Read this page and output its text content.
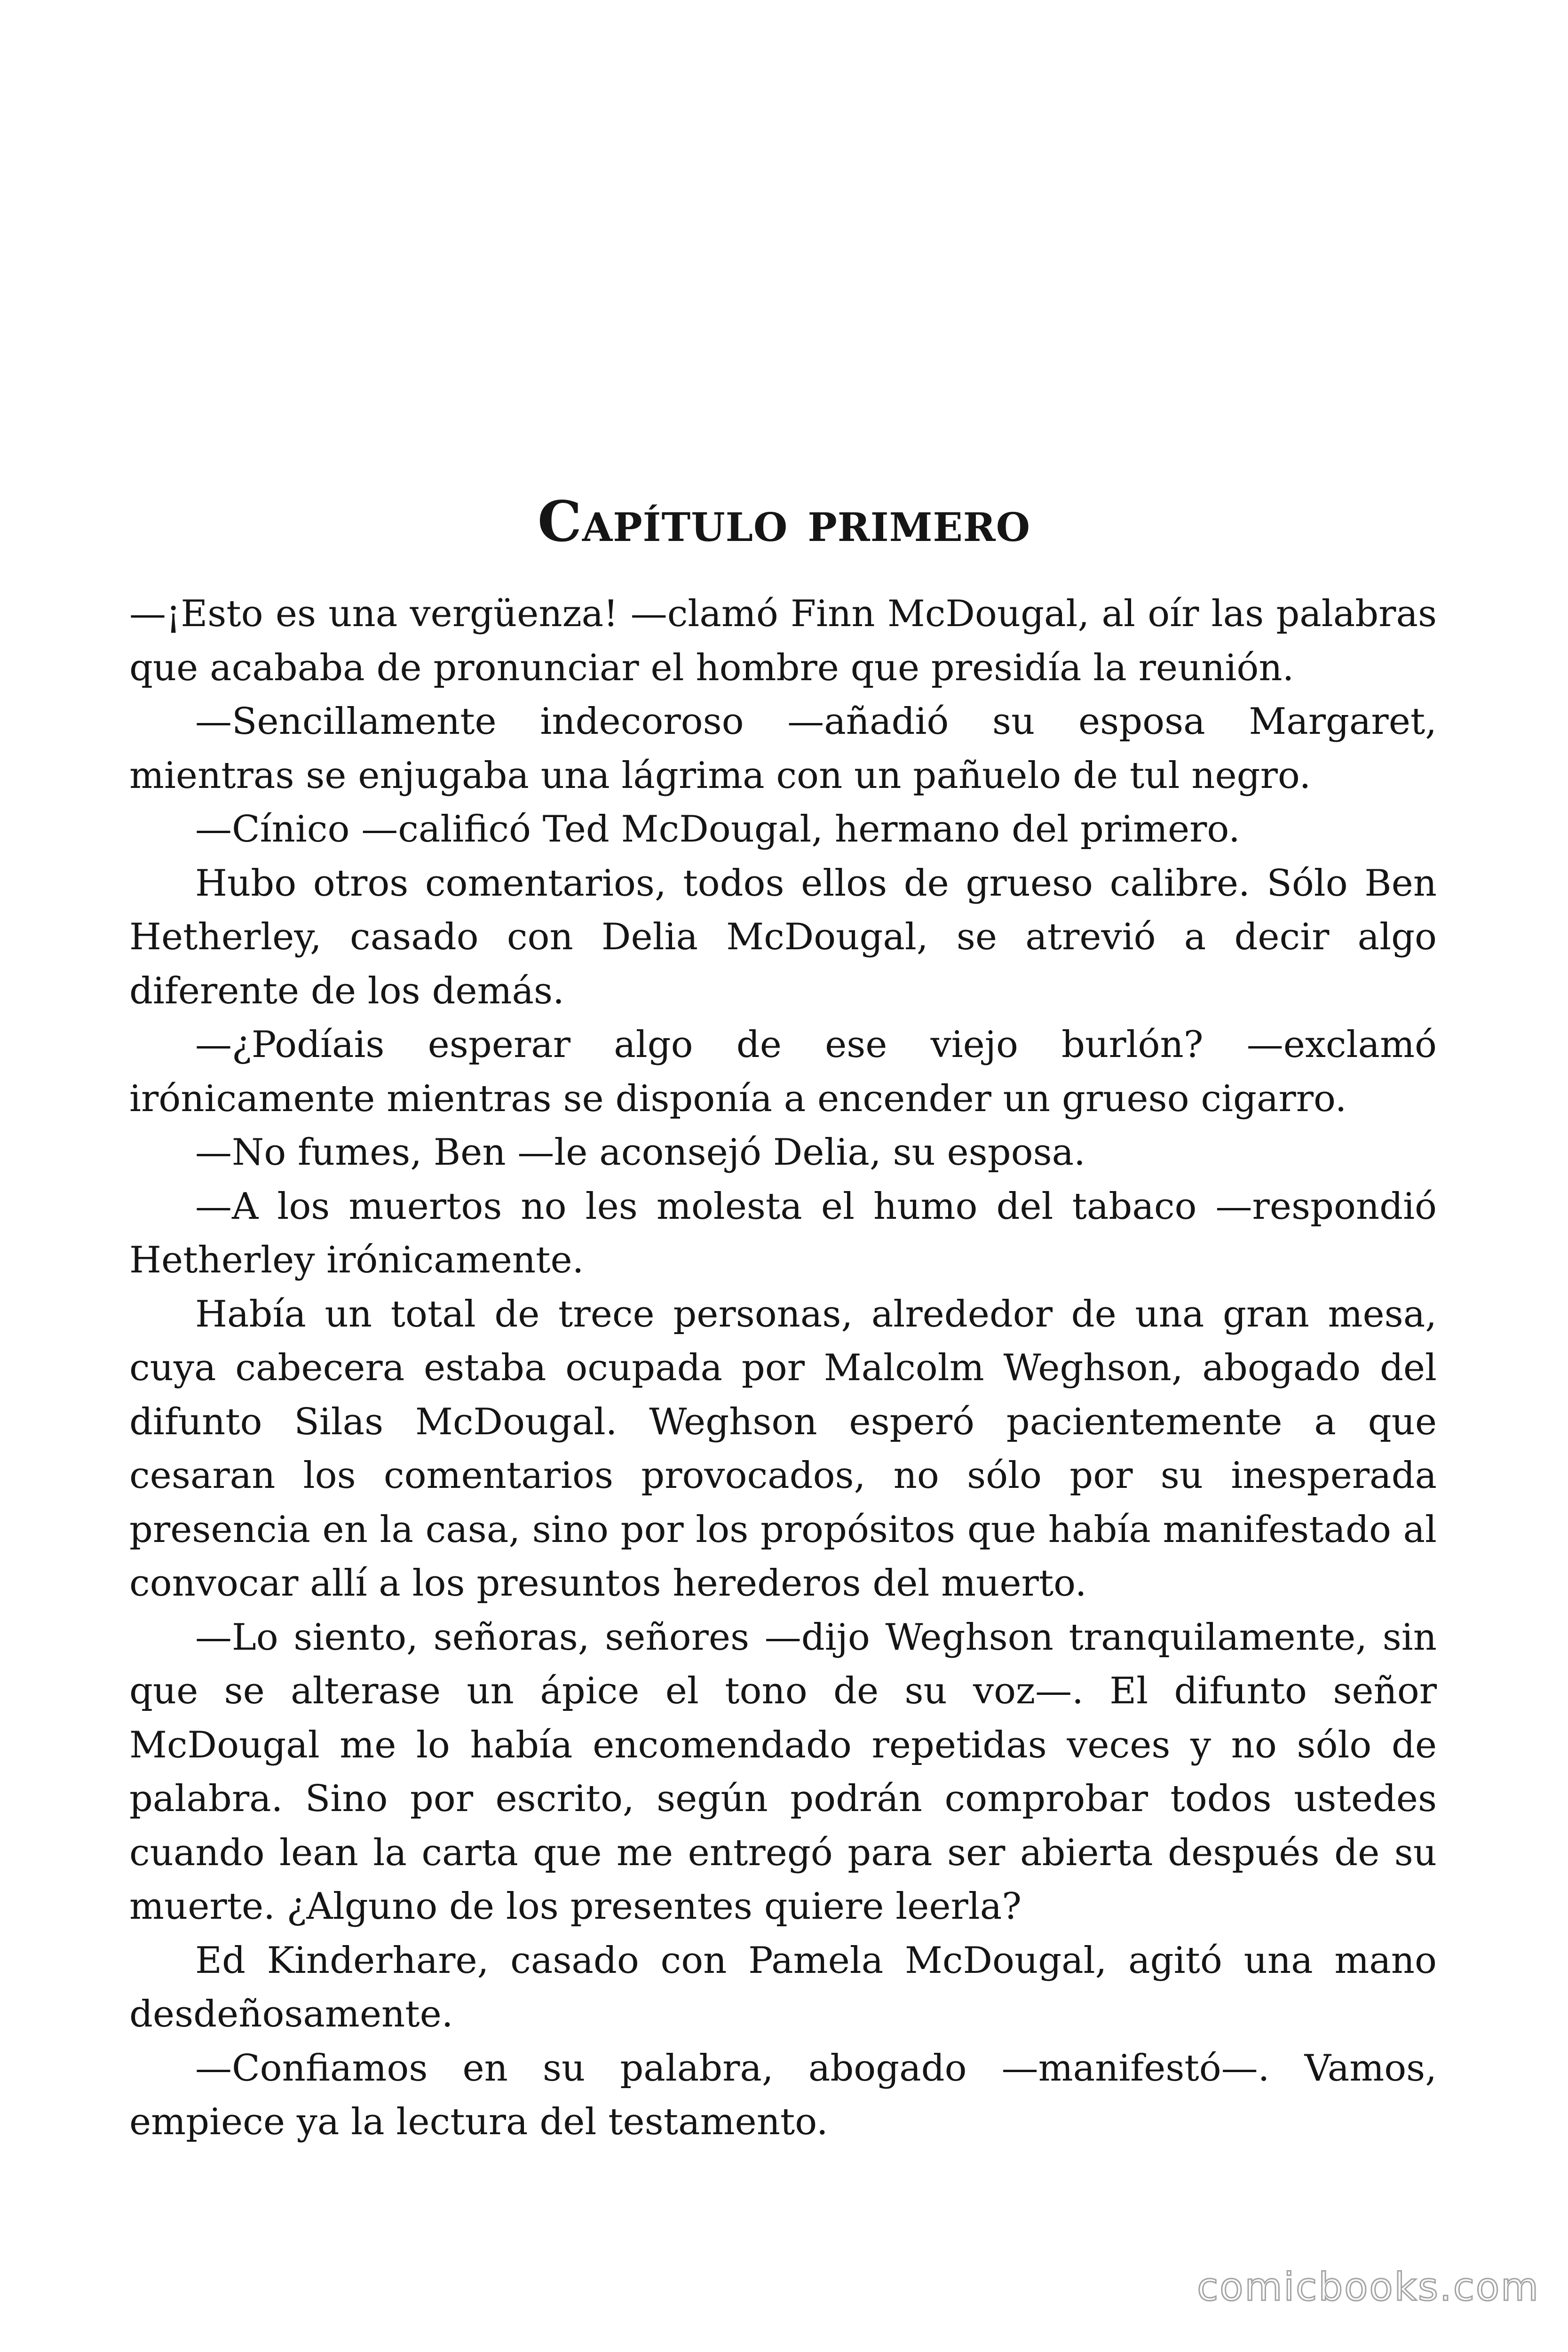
Capítulo primero

—¡Esto es una vergüenza! —clamó Finn McDougal, al oír las palabras que acababa de pronunciar el hombre que presidía la reunión.

—Sencillamente indecoroso —añadió su esposa Margaret, mientras se enjugaba una lágrima con un pañuelo de tul negro.

—Cínico —calificó Ted McDougal, hermano del primero.

Hubo otros comentarios, todos ellos de grueso calibre. Sólo Ben Hetherley, casado con Delia McDougal, se atrevió a decir algo diferente de los demás.

—¿Podíais esperar algo de ese viejo burlón? —exclamó irónicamente mientras se disponía a encender un grueso cigarro.

—No fumes, Ben —le aconsejó Delia, su esposa.

—A los muertos no les molesta el humo del tabaco —respondió Hetherley irónicamente.

Había un total de trece personas, alrededor de una gran mesa, cuya cabecera estaba ocupada por Malcolm Weghson, abogado del difunto Silas McDougal. Weghson esperó pacientemente a que cesaran los comentarios provocados, no sólo por su inesperada presencia en la casa, sino por los propósitos que había manifestado al convocar allí a los presuntos herederos del muerto.

—Lo siento, señoras, señores —dijo Weghson tranquilamente, sin que se alterase un ápice el tono de su voz—. El difunto señor McDougal me lo había encomendado repetidas veces y no sólo de palabra. Sino por escrito, según podrán comprobar todos ustedes cuando lean la carta que me entregó para ser abierta después de su muerte. ¿Alguno de los presentes quiere leerla?

Ed Kinderhare, casado con Pamela McDougal, agitó una mano desdeñosamente.

—Confiamos en su palabra, abogado —manifestó—. Vamos, empiece ya la lectura del testamento.

comicbooks.com
